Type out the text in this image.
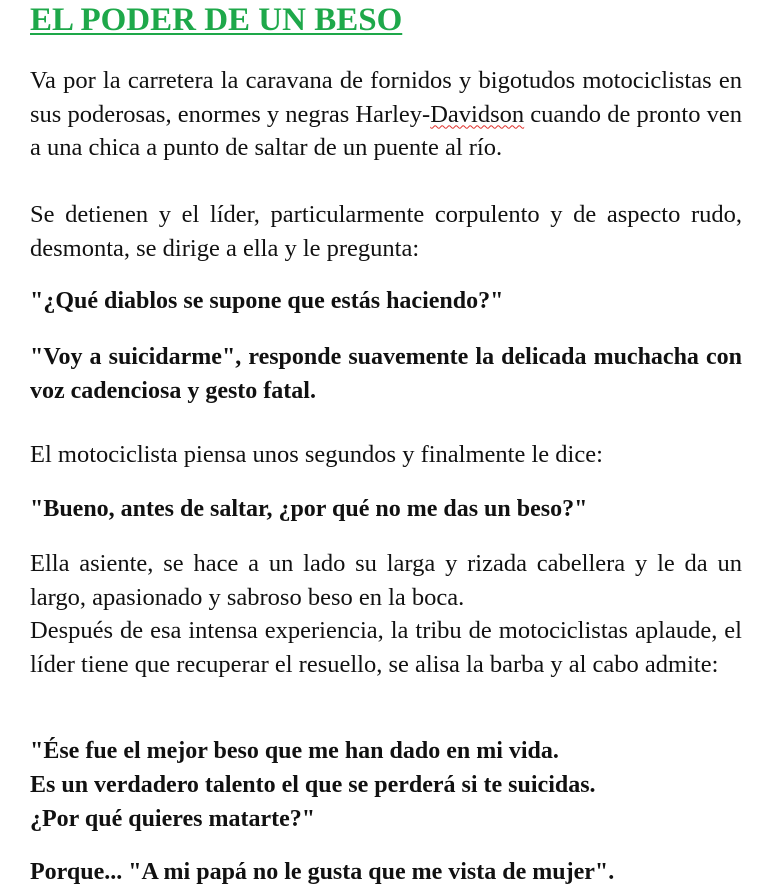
EL PODER DE UN BESO

Va por la carretera la caravana de fornidos y bigotudos motociclistas en sus poderosas, enormes y negras Harley-Davidson cuando de pronto ven a una chica a punto de saltar de un puente al río.

Se detienen y el líder, particularmente corpulento y de aspecto rudo, desmonta, se dirige a ella y le pregunta:

"¿Qué diablos se supone que estás haciendo?"

"Voy a suicidarme", responde suavemente la delicada muchacha con voz cadenciosa y gesto fatal.

El motociclista piensa unos segundos y finalmente le dice:

"Bueno, antes de saltar, ¿por qué no me das un beso?"

Ella asiente, se hace a un lado su larga y rizada cabellera y le da un largo, apasionado y sabroso beso en la boca.

Después de esa intensa experiencia, la tribu de motociclistas aplaude, el líder tiene que recuperar el resuello, se alisa la barba y al cabo admite:

"Ése fue el mejor beso que me han dado en mi vida.
Es un verdadero talento el que se perderá si te suicidas.
¿Por qué quieres matarte?"

Porque... "A mi papá no le gusta que me vista de mujer".
